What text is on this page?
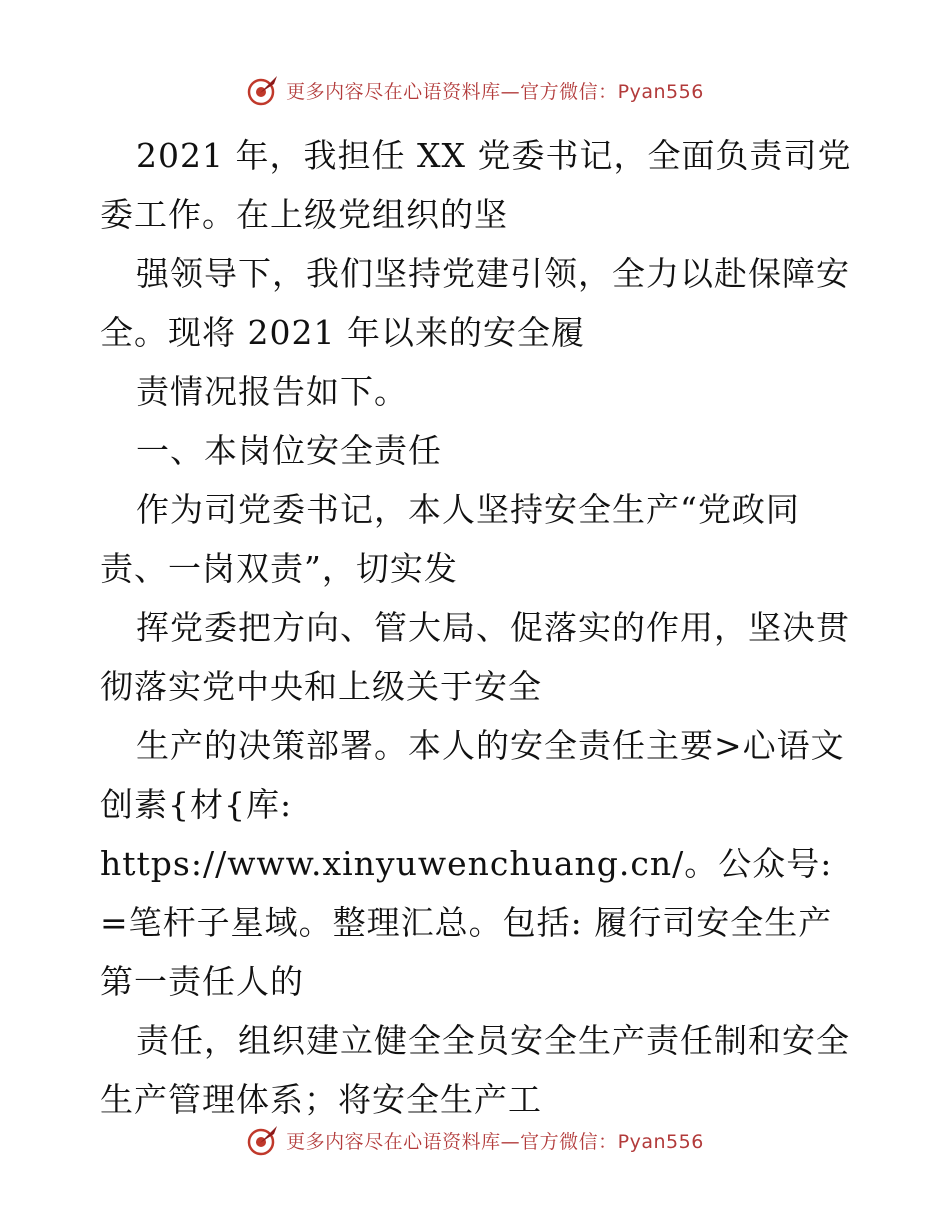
更多内容尽在心语资料库—官方微信：Pyan556

2021 年，我担任 XX 党委书记，全面负责司党委工作。在上级党组织的坚

强领导下，我们坚持党建引领，全力以赴保障安全。现将 2021 年以来的安全履

责情况报告如下。

一、本岗位安全责任

作为司党委书记，本人坚持安全生产“党政同责、一岗双责”，切实发

挥党委把方向、管大局、促落实的作用，坚决贯彻落实党中央和上级关于安全

生产的决策部署。本人的安全责任主要>心语文创素{材{库: https://www.xinyuwenchuang.cn/。公众号: =笔杆子星域。整理汇总。包括: 履行司安全生产第一责任人的

责任，组织建立健全全员安全生产责任制和安全生产管理体系；将安全生产工

更多内容尽在心语资料库—官方微信：Pyan556
